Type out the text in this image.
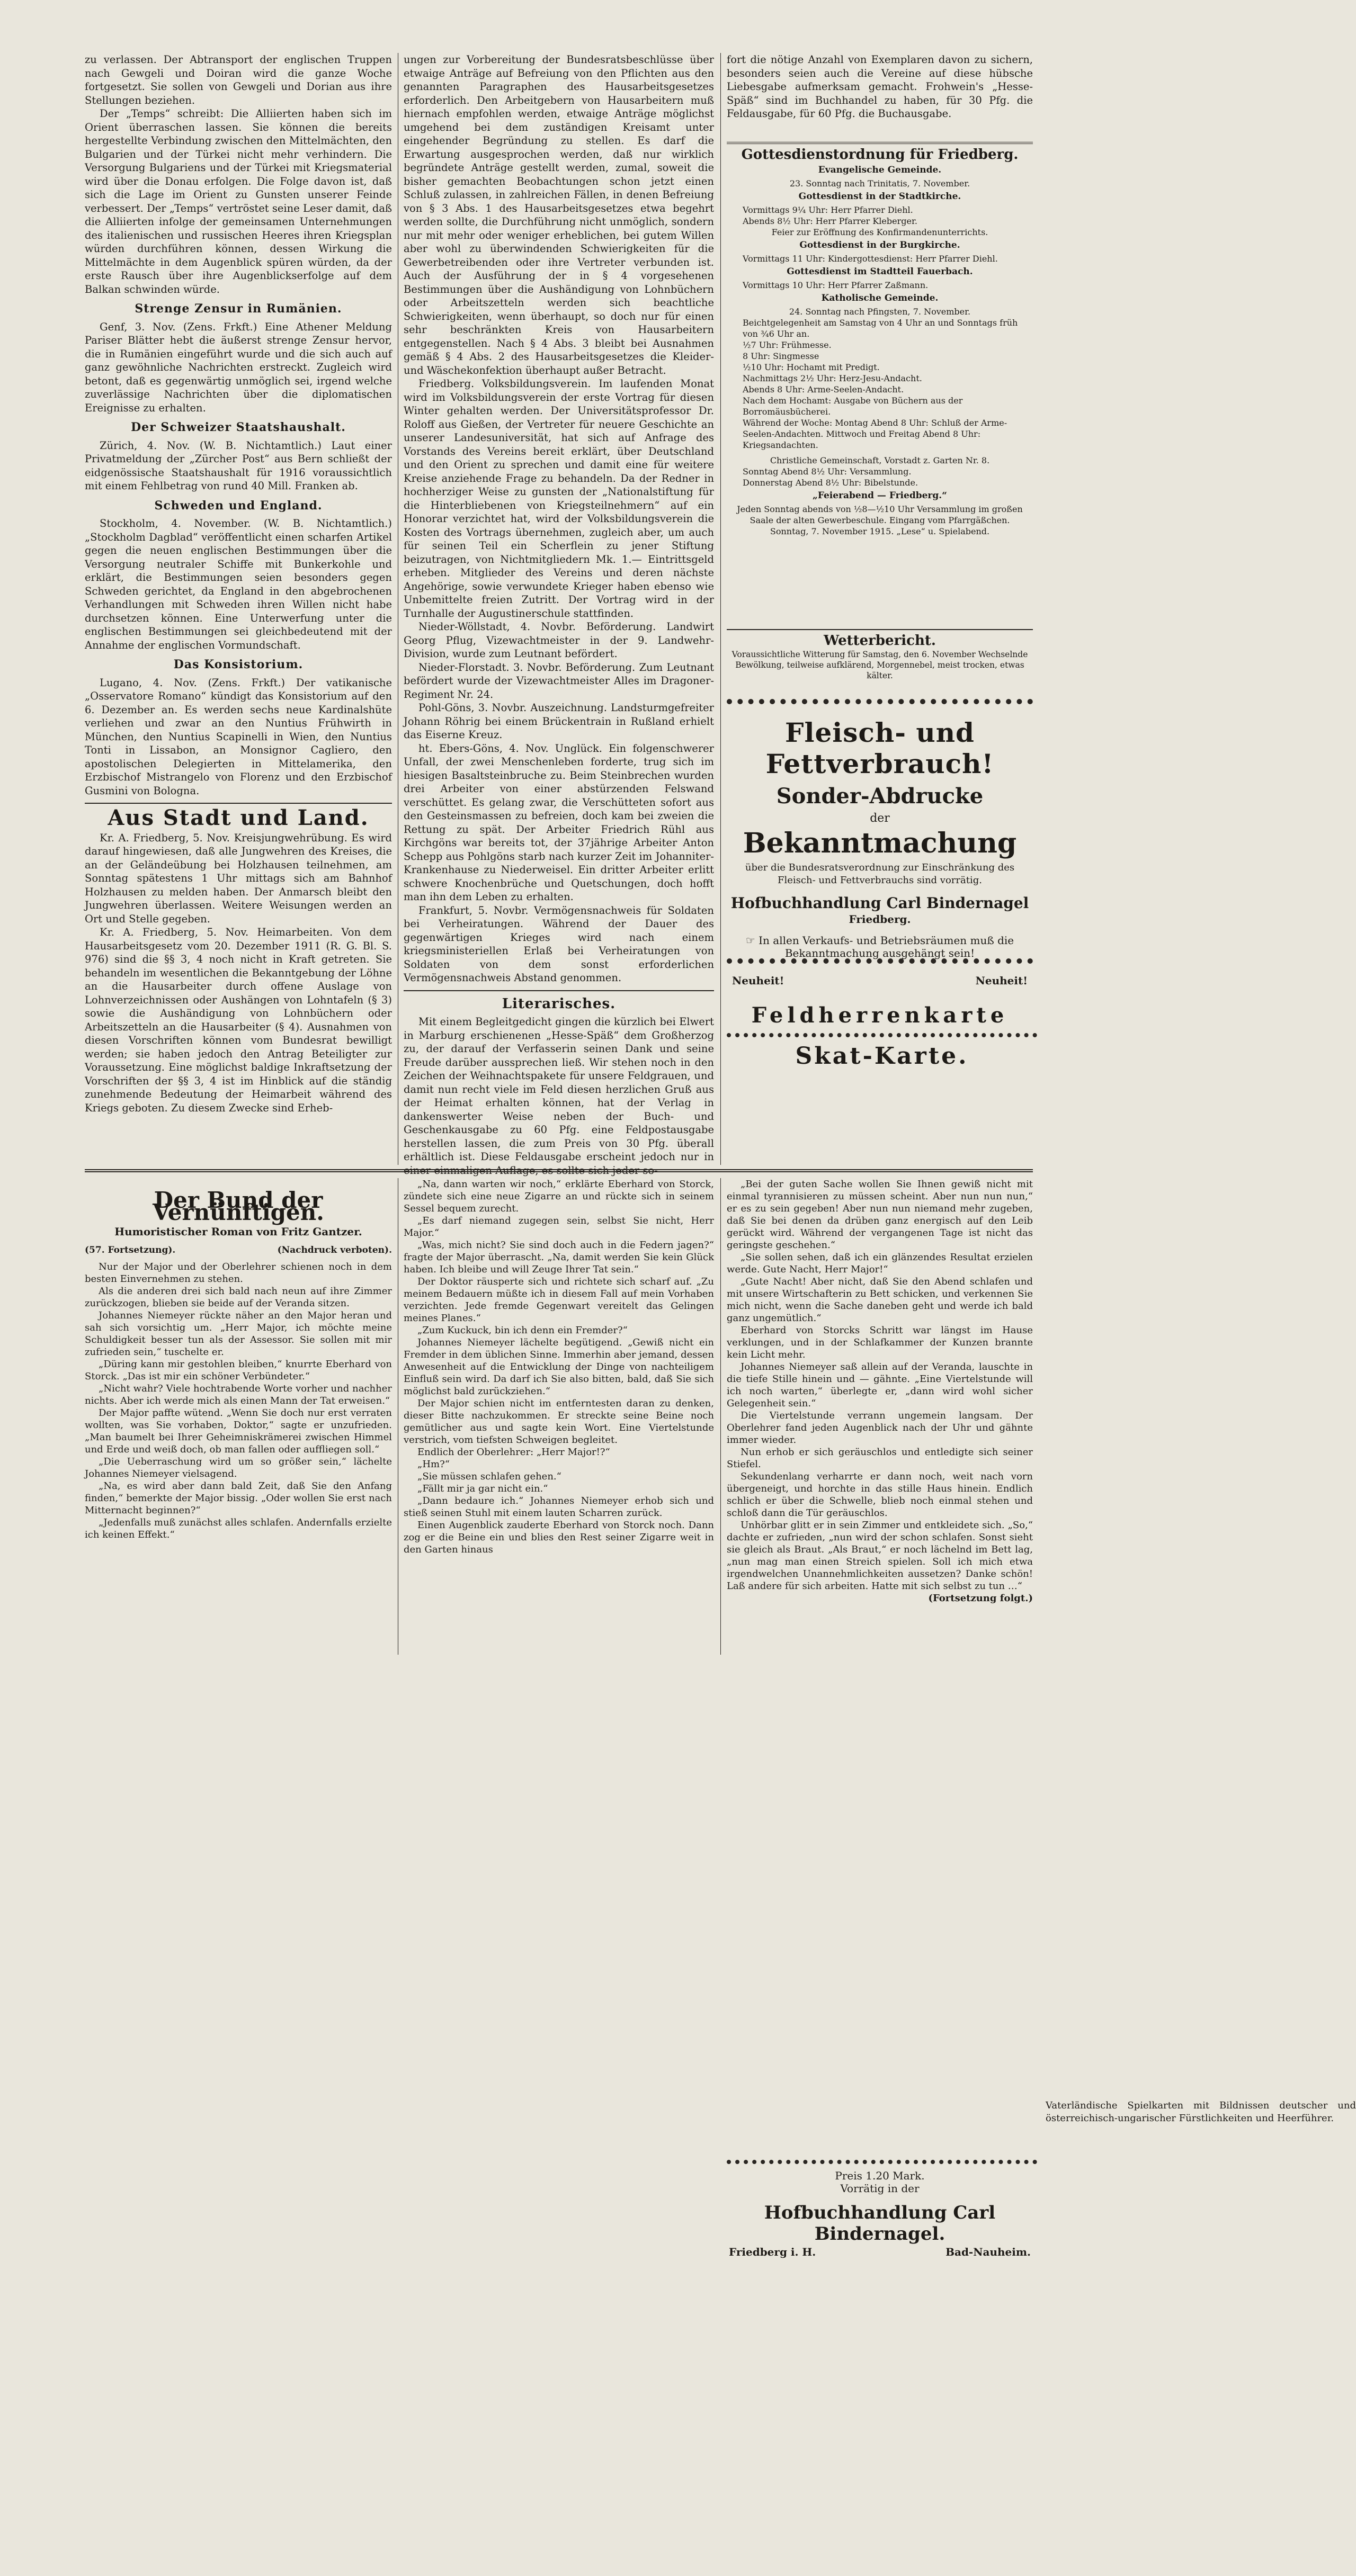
zu verlassen. Der Abtransport der englischen Truppen nach Gewgeli und Doiran wird die ganze Woche fortgesetzt. Sie sollen von Gewgeli und Dorian aus ihre Stellungen beziehen.

Der „Temps“ schreibt: Die Alliierten haben sich im Orient überraschen lassen. Sie können die bereits hergestellte Verbindung zwischen den Mittelmächten, den Bulgarien und der Türkei nicht mehr verhindern. Die Versorgung Bulgariens und der Türkei mit Kriegsmaterial wird über die Donau erfolgen. Die Folge davon ist, daß sich die Lage im Orient zu Gunsten unserer Feinde verbessert. Der „Temps“ vertröstet seine Leser damit, daß die Alliierten infolge der gemeinsamen Unternehmungen des italienischen und russischen Heeres ihren Kriegsplan würden durchführen können, dessen Wirkung die Mittelmächte in dem Augenblick spüren würden, da der erste Rausch über ihre Augenblickserfolge auf dem Balkan schwinden würde.

Strenge Zensur in Rumänien.

Genf, 3. Nov. (Zens. Frkft.) Eine Athener Meldung Pariser Blätter hebt die äußerst strenge Zensur hervor, die in Rumänien eingeführt wurde und die sich auch auf ganz gewöhnliche Nachrichten erstreckt. Zugleich wird betont, daß es gegenwärtig unmöglich sei, irgend welche zuverlässige Nachrichten über die diplomatischen Ereignisse zu erhalten.

Der Schweizer Staatshaushalt.

Zürich, 4. Nov. (W. B. Nichtamtlich.) Laut einer Privatmeldung der „Zürcher Post“ aus Bern schließt der eidgenössische Staatshaushalt für 1916 voraussichtlich mit einem Fehlbetrag von rund 40 Mill. Franken ab.

Schweden und England.

Stockholm, 4. November. (W. B. Nichtamtlich.) „Stockholm Dagblad“ veröffentlicht einen scharfen Artikel gegen die neuen englischen Bestimmungen über die Versorgung neutraler Schiffe mit Bunkerkohle und erklärt, die Bestimmungen seien besonders gegen Schweden gerichtet, da England in den abgebrochenen Verhandlungen mit Schweden ihren Willen nicht habe durchsetzen können. Eine Unterwerfung unter die englischen Bestimmungen sei gleichbedeutend mit der Annahme der englischen Vormundschaft.

Das Konsistorium.

Lugano, 4. Nov. (Zens. Frkft.) Der vatikanische „Osservatore Romano“ kündigt das Konsistorium auf den 6. Dezember an. Es werden sechs neue Kardinalshüte verliehen und zwar an den Nuntius Frühwirth in München, den Nuntius Scapinelli in Wien, den Nuntius Tonti in Lissabon, an Monsignor Cagliero, den apostolischen Delegierten in Mittelamerika, den Erzbischof Mistrangelo von Florenz und den Erzbischof Gusmini von Bologna.

Aus Stadt und Land.

Kr. A. Friedberg, 5. Nov. Kreisjungwehrübung. Es wird darauf hingewiesen, daß alle Jungwehren des Kreises, die an der Geländeübung bei Holzhausen teilnehmen, am Sonntag spätestens 1 Uhr mittags sich am Bahnhof Holzhausen zu melden haben. Der Anmarsch bleibt den Jungwehren überlassen. Weitere Weisungen werden an Ort und Stelle gegeben.

Kr. A. Friedberg, 5. Nov. Heimarbeiten. Von dem Hausarbeitsgesetz vom 20. Dezember 1911 (R. G. Bl. S. 976) sind die §§ 3, 4 noch nicht in Kraft getreten. Sie behandeln im wesentlichen die Bekanntgebung der Löhne an die Hausarbeiter durch offene Auslage von Lohnverzeichnissen oder Aushängen von Lohntafeln (§ 3) sowie die Aushändigung von Lohnbüchern oder Arbeitszetteln an die Hausarbeiter (§ 4). Ausnahmen von diesen Vorschriften können vom Bundesrat bewilligt werden; sie haben jedoch den Antrag Beteiligter zur Voraussetzung. Eine möglichst baldige Inkraftsetzung der Vorschriften der §§ 3, 4 ist im Hinblick auf die ständig zunehmende Bedeutung der Heimarbeit während des Kriegs geboten. Zu diesem Zwecke sind Erheb-

ungen zur Vorbereitung der Bundesratsbeschlüsse über etwaige Anträge auf Befreiung von den Pflichten aus den genannten Paragraphen des Hausarbeitsgesetzes erforderlich. Den Arbeitgebern von Hausarbeitern muß hiernach empfohlen werden, etwaige Anträge möglichst umgehend bei dem zuständigen Kreisamt unter eingehender Begründung zu stellen. Es darf die Erwartung ausgesprochen werden, daß nur wirklich begründete Anträge gestellt werden, zumal, soweit die bisher gemachten Beobachtungen schon jetzt einen Schluß zulassen, in zahlreichen Fällen, in denen Befreiung von § 3 Abs. 1 des Hausarbeitsgesetzes etwa begehrt werden sollte, die Durchführung nicht unmöglich, sondern nur mit mehr oder weniger erheblichen, bei gutem Willen aber wohl zu überwindenden Schwierigkeiten für die Gewerbetreibenden oder ihre Vertreter verbunden ist. Auch der Ausführung der in § 4 vorgesehenen Bestimmungen über die Aushändigung von Lohnbüchern oder Arbeitszetteln werden sich beachtliche Schwierigkeiten, wenn überhaupt, so doch nur für einen sehr beschränkten Kreis von Hausarbeitern entgegenstellen. Nach § 4 Abs. 3 bleibt bei Ausnahmen gemäß § 4 Abs. 2 des Hausarbeitsgesetzes die Kleider- und Wäschekonfektion überhaupt außer Betracht.

Friedberg. Volksbildungsverein. Im laufenden Monat wird im Volksbildungsverein der erste Vortrag für diesen Winter gehalten werden. Der Universitätsprofessor Dr. Roloff aus Gießen, der Vertreter für neuere Geschichte an unserer Landesuniversität, hat sich auf Anfrage des Vorstands des Vereins bereit erklärt, über Deutschland und den Orient zu sprechen und damit eine für weitere Kreise anziehende Frage zu behandeln. Da der Redner in hochherziger Weise zu gunsten der „Nationalstiftung für die Hinterbliebenen von Kriegsteilnehmern“ auf ein Honorar verzichtet hat, wird der Volksbildungsverein die Kosten des Vortrags übernehmen, zugleich aber, um auch für seinen Teil ein Scherflein zu jener Stiftung beizutragen, von Nichtmitgliedern Mk. 1.— Eintrittsgeld erheben. Mitglieder des Vereins und deren nächste Angehörige, sowie verwundete Krieger haben ebenso wie Unbemittelte freien Zutritt. Der Vortrag wird in der Turnhalle der Augustinerschule stattfinden.

Nieder-Wöllstadt, 4. Novbr. Beförderung. Landwirt Georg Pflug, Vizewachtmeister in der 9. Landwehr-Division, wurde zum Leutnant befördert.

Nieder-Florstadt. 3. Novbr. Beförderung. Zum Leutnant befördert wurde der Vizewachtmeister Alles im Dragoner-Regiment Nr. 24.

Pohl-Göns, 3. Novbr. Auszeichnung. Landsturmgefreiter Johann Röhrig bei einem Brückentrain in Rußland erhielt das Eiserne Kreuz.

ht. Ebers-Göns, 4. Nov. Unglück. Ein folgenschwerer Unfall, der zwei Menschenleben forderte, trug sich im hiesigen Basaltsteinbruche zu. Beim Steinbrechen wurden drei Arbeiter von einer abstürzenden Felswand verschüttet. Es gelang zwar, die Verschütteten sofort aus den Gesteinsmassen zu befreien, doch kam bei zweien die Rettung zu spät. Der Arbeiter Friedrich Rühl aus Kirchgöns war bereits tot, der 37jährige Arbeiter Anton Schepp aus Pohlgöns starb nach kurzer Zeit im Johanniter-Krankenhause zu Niederweisel. Ein dritter Arbeiter erlitt schwere Knochenbrüche und Quetschungen, doch hofft man ihn dem Leben zu erhalten.

Frankfurt, 5. Novbr. Vermögensnachweis für Soldaten bei Verheiratungen. Während der Dauer des gegenwärtigen Krieges wird nach einem kriegsministeriellen Erlaß bei Verheiratungen von Soldaten von dem sonst erforderlichen Vermögensnachweis Abstand genommen.

Literarisches.

Mit einem Begleitgedicht gingen die kürzlich bei Elwert in Marburg erschienenen „Hesse-Späß“ dem Großherzog zu, der darauf der Verfasserin seinen Dank und seine Freude darüber aussprechen ließ. Wir stehen noch in den Zeichen der Weihnachtspakete für unsere Feldgrauen, und damit nun recht viele im Feld diesen herzlichen Gruß aus der Heimat erhalten können, hat der Verlag in dankenswerter Weise neben der Buch- und Geschenkausgabe zu 60 Pfg. eine Feldpostausgabe herstellen lassen, die zum Preis von 30 Pfg. überall erhältlich ist. Diese Feldausgabe erscheint jedoch nur in einer einmaligen Auflage, es sollte sich jeder so-

fort die nötige Anzahl von Exemplaren davon zu sichern, besonders seien auch die Vereine auf diese hübsche Liebesgabe aufmerksam gemacht. Frohwein's „Hesse-Späß“ sind im Buchhandel zu haben, für 30 Pfg. die Feldausgabe, für 60 Pfg. die Buchausgabe.

Gottesdienstordnung für Friedberg.
Evangelische Gemeinde.
23. Sonntag nach Trinitatis, 7. November.
Gottesdienst in der Stadtkirche.
Vormittags 9¼ Uhr: Herr Pfarrer Diehl.
Abends 8½ Uhr: Herr Pfarrer Kleberger.
Feier zur Eröffnung des Konfirmandenunterrichts.
Gottesdienst in der Burgkirche.
Vormittags 11 Uhr: Kindergottesdienst: Herr Pfarrer Diehl.
Gottesdienst im Stadtteil Fauerbach.
Vormittags 10 Uhr: Herr Pfarrer Zaßmann.
Katholische Gemeinde.
24. Sonntag nach Pfingsten, 7. November.
Beichtgelegenheit am Samstag von 4 Uhr an und Sonntags früh von ¾6 Uhr an.
½7 Uhr: Frühmesse.
8 Uhr: Singmesse
½10 Uhr: Hochamt mit Predigt.
Nachmittags 2½ Uhr: Herz-Jesu-Andacht.
Abends 8 Uhr: Arme-Seelen-Andacht.
Nach dem Hochamt: Ausgabe von Büchern aus der Borromäusbücherei.
Während der Woche: Montag Abend 8 Uhr: Schluß der Arme-Seelen-Andachten. Mittwoch und Freitag Abend 8 Uhr: Kriegsandachten.
Christliche Gemeinschaft, Vorstadt z. Garten Nr. 8.
Sonntag Abend 8½ Uhr: Versammlung.
Donnerstag Abend 8½ Uhr: Bibelstunde.
„Feierabend — Friedberg.“
Jeden Sonntag abends von ½8—½10 Uhr Versammlung im großen Saale der alten Gewerbeschule. Eingang vom Pfarrgäßchen.
Sonntag, 7. November 1915. „Lese“ u. Spielabend.
Wetterbericht.
Voraussichtliche Witterung für Samstag, den 6. November Wechselnde Bewölkung, teilweise aufklärend, Morgennebel, meist trocken, etwas kälter.
Fleisch- und Fettverbrauch!
Sonder-Abdrucke
der
Bekanntmachung
über die Bundesratsverordnung zur Einschränkung des Fleisch- und Fettverbrauchs sind vorrätig.
Hofbuchhandlung Carl Bindernagel
Friedberg.
☞ In allen Verkaufs- und Betriebsräumen muß die Bekanntmachung ausgehängt sein!
Neuheit!	Neuheit!
Feldherrenkarte
Vaterländische Spielkarten mit Bildnissen deutscher und österreichisch-ungarischer Fürstlichkeiten und Heerführer.
Skat-Karte.
Preis 1.20 Mark.
Vorrätig in der
Hofbuchhandlung Carl Bindernagel.
Friedberg i. H.	Bad-Nauheim.
Der Bund der Vernünftigen.
Humoristischer Roman von Fritz Gantzer.
(57. Fortsetzung).	(Nachdruck verboten).

Nur der Major und der Oberlehrer schienen noch in dem besten Einvernehmen zu stehen.

Als die anderen drei sich bald nach neun auf ihre Zimmer zurückzogen, blieben sie beide auf der Veranda sitzen.

Johannes Niemeyer rückte näher an den Major heran und sah sich vorsichtig um. „Herr Major, ich möchte meine Schuldigkeit besser tun als der Assessor. Sie sollen mit mir zufrieden sein,“ tuschelte er.

„Düring kann mir gestohlen bleiben,“ knurrte Eberhard von Storck. „Das ist mir ein schöner Verbündeter.“

„Nicht wahr? Viele hochtrabende Worte vorher und nachher nichts. Aber ich werde mich als einen Mann der Tat erweisen.“

Der Major paffte wütend. „Wenn Sie doch nur erst verraten wollten, was Sie vorhaben, Doktor,“ sagte er unzufrieden. „Man baumelt bei Ihrer Geheimniskrämerei zwischen Himmel und Erde und weiß doch, ob man fallen oder auffliegen soll.“

„Die Ueberraschung wird um so größer sein,“ lächelte Johannes Niemeyer vielsagend.

„Na, es wird aber dann bald Zeit, daß Sie den Anfang finden,“ bemerkte der Major bissig. „Oder wollen Sie erst nach Mitternacht beginnen?“

„Jedenfalls muß zunächst alles schlafen. Andernfalls erzielte ich keinen Effekt.“

„Na, dann warten wir noch,“ erklärte Eberhard von Storck, zündete sich eine neue Zigarre an und rückte sich in seinem Sessel bequem zurecht.

„Es darf niemand zugegen sein, selbst Sie nicht, Herr Major.“

„Was, mich nicht? Sie sind doch auch in die Federn jagen?“ fragte der Major überrascht. „Na, damit werden Sie kein Glück haben. Ich bleibe und will Zeuge Ihrer Tat sein.“

Der Doktor räusperte sich und richtete sich scharf auf. „Zu meinem Bedauern müßte ich in diesem Fall auf mein Vorhaben verzichten. Jede fremde Gegenwart vereitelt das Gelingen meines Planes.“

„Zum Kuckuck, bin ich denn ein Fremder?“

Johannes Niemeyer lächelte begütigend. „Gewiß nicht ein Fremder in dem üblichen Sinne. Immerhin aber jemand, dessen Anwesenheit auf die Entwicklung der Dinge von nachteiligem Einfluß sein wird. Da darf ich Sie also bitten, bald, daß Sie sich möglichst bald zurückziehen.“

Der Major schien nicht im entferntesten daran zu denken, dieser Bitte nachzukommen. Er streckte seine Beine noch gemütlicher aus und sagte kein Wort. Eine Viertelstunde verstrich, vom tiefsten Schweigen begleitet.

Endlich der Oberlehrer: „Herr Major!?“

„Hm?“

„Sie müssen schlafen gehen.“

„Fällt mir ja gar nicht ein.“

„Dann bedaure ich.“ Johannes Niemeyer erhob sich und stieß seinen Stuhl mit einem lauten Scharren zurück.

Einen Augenblick zauderte Eberhard von Storck noch. Dann zog er die Beine ein und blies den Rest seiner Zigarre weit in den Garten hinaus

„Bei der guten Sache wollen Sie Ihnen gewiß nicht mit einmal tyrannisieren zu müssen scheint. Aber nun nun nun,“ er es zu sein gegeben! Aber nun nun niemand mehr zugeben, daß Sie bei denen da drüben ganz energisch auf den Leib gerückt wird. Während der vergangenen Tage ist nicht das geringste geschehen.“

„Sie sollen sehen, daß ich ein glänzendes Resultat erzielen werde. Gute Nacht, Herr Major!“

„Gute Nacht! Aber nicht, daß Sie den Abend schlafen und mit unsere Wirtschafterin zu Bett schicken, und verkennen Sie mich nicht, wenn die Sache daneben geht und werde ich bald ganz ungemütlich.“

Eberhard von Storcks Schritt war längst im Hause verklungen, und in der Schlafkammer der Kunzen brannte kein Licht mehr.

Johannes Niemeyer saß allein auf der Veranda, lauschte in die tiefe Stille hinein und — gähnte. „Eine Viertelstunde will ich noch warten,“ überlegte er, „dann wird wohl sicher Gelegenheit sein.“

Die Viertelstunde verrann ungemein langsam. Der Oberlehrer fand jeden Augenblick nach der Uhr und gähnte immer wieder.

Nun erhob er sich geräuschlos und entledigte sich seiner Stiefel.

Sekundenlang verharrte er dann noch, weit nach vorn übergeneigt, und horchte in das stille Haus hinein. Endlich schlich er über die Schwelle, blieb noch einmal stehen und schloß dann die Tür geräuschlos.

Unhörbar glitt er in sein Zimmer und entkleidete sich. „So,“ dachte er zufrieden, „nun wird der schon schlafen. Sonst sieht sie gleich als Braut. „Als Braut,“ er noch lächelnd im Bett lag, „nun mag man einen Streich spielen. Soll ich mich etwa irgendwelchen Unannehmlichkeiten aussetzen? Danke schön! Laß andere für sich arbeiten. Hatte mit sich selbst zu tun …“

(Fortsetzung folgt.)
